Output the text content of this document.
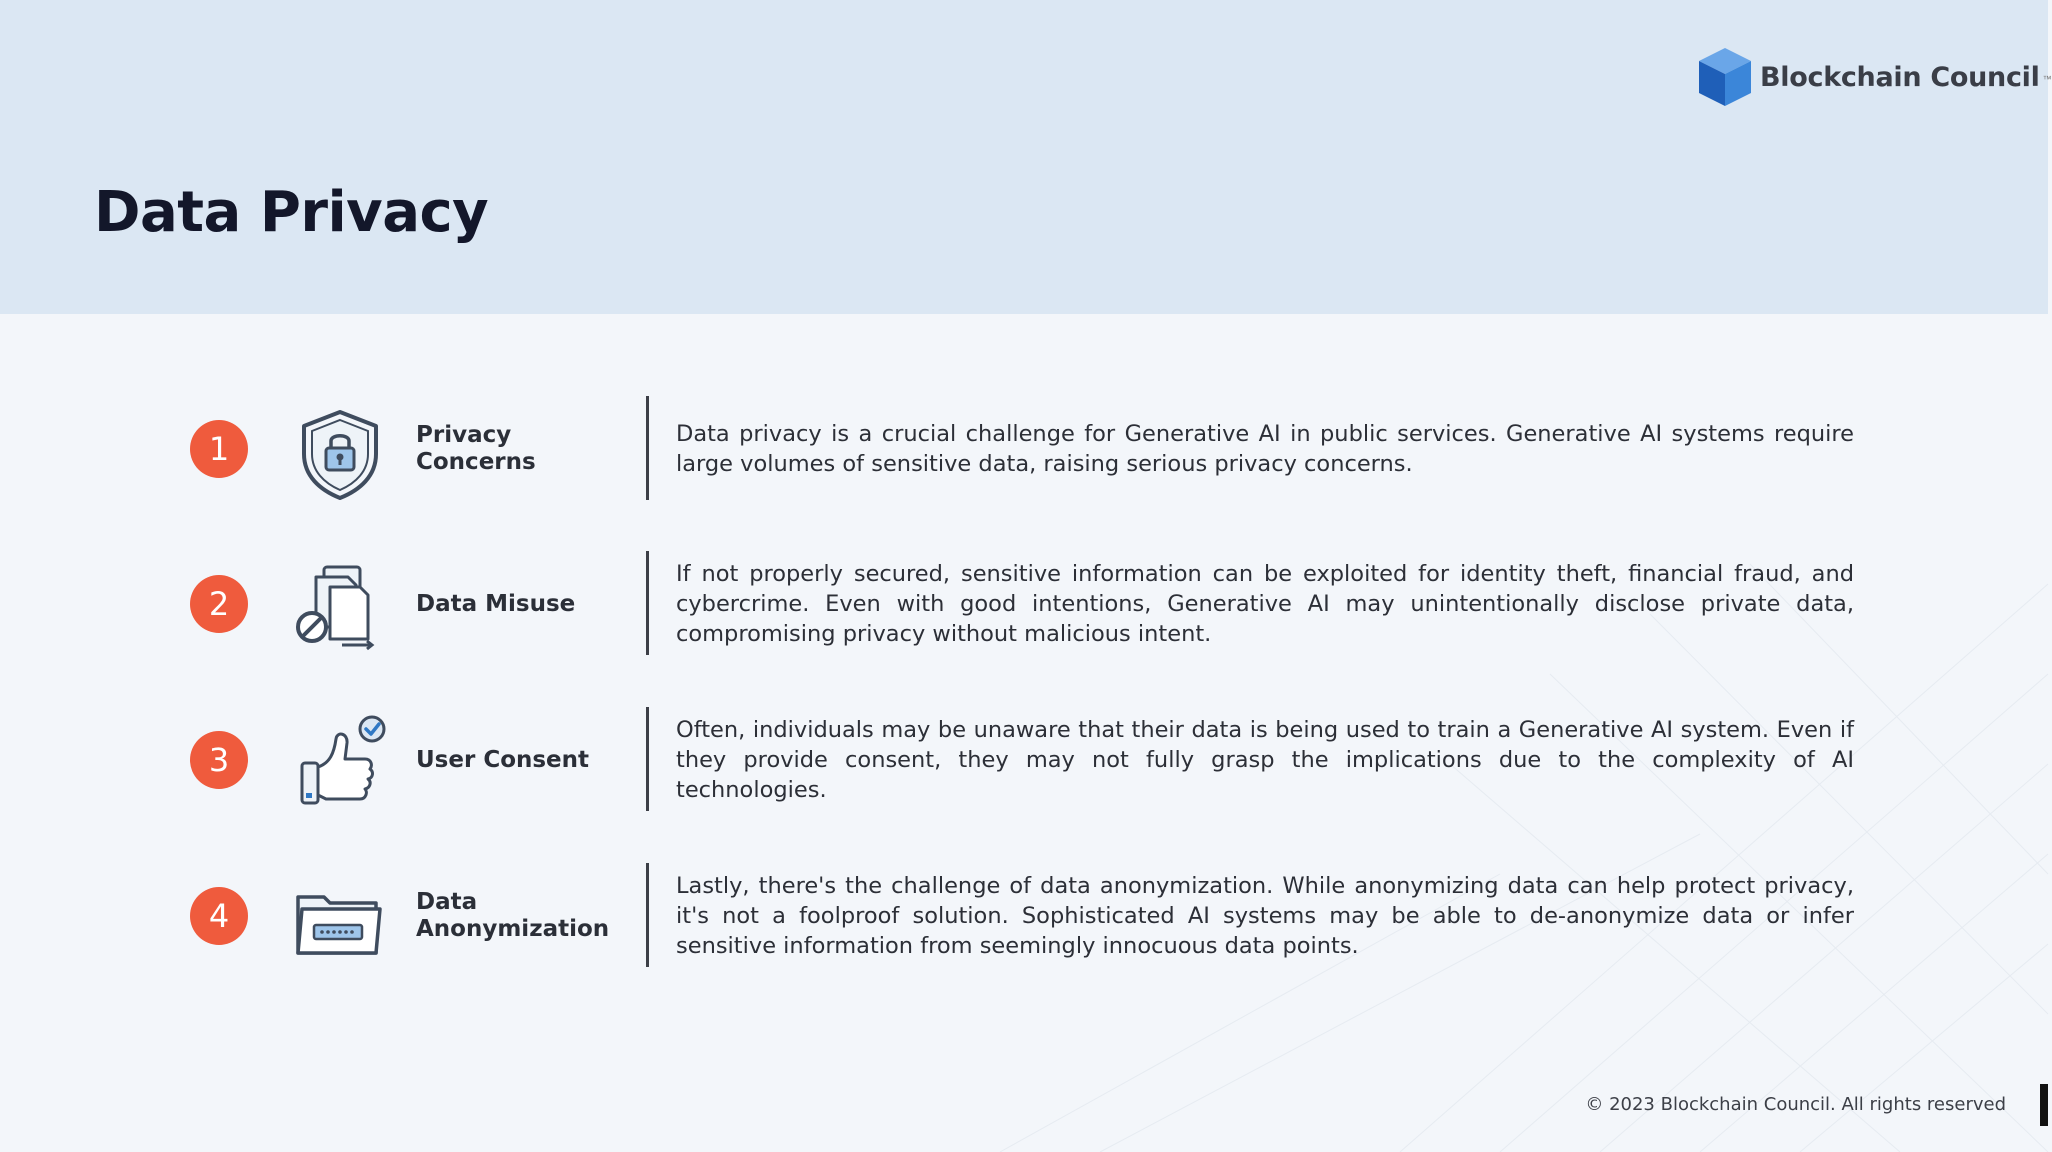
Blockchain Council ™
Data Privacy
1	Privacy Concerns

Data privacy is a crucial challenge for Generative AI in public services. Generative AI systems require large volumes of sensitive data, raising serious privacy concerns.

2	Data Misuse

If not properly secured, sensitive information can be exploited for identity theft, financial fraud, and cybercrime. Even with good intentions, Generative AI may unintentionally disclose private data, compromising privacy without malicious intent.

3	User Consent

Often, individuals may be unaware that their data is being used to train a Generative AI system. Even if they provide consent, they may not fully grasp the implications due to the complexity of AI technologies.

4	Data Anonymization

Lastly, there's the challenge of data anonymization. While anonymizing data can help protect privacy, it's not a foolproof solution. Sophisticated AI systems may be able to de-anonymize data or infer sensitive information from seemingly innocuous data points.

© 2023 Blockchain Council. All rights reserved
